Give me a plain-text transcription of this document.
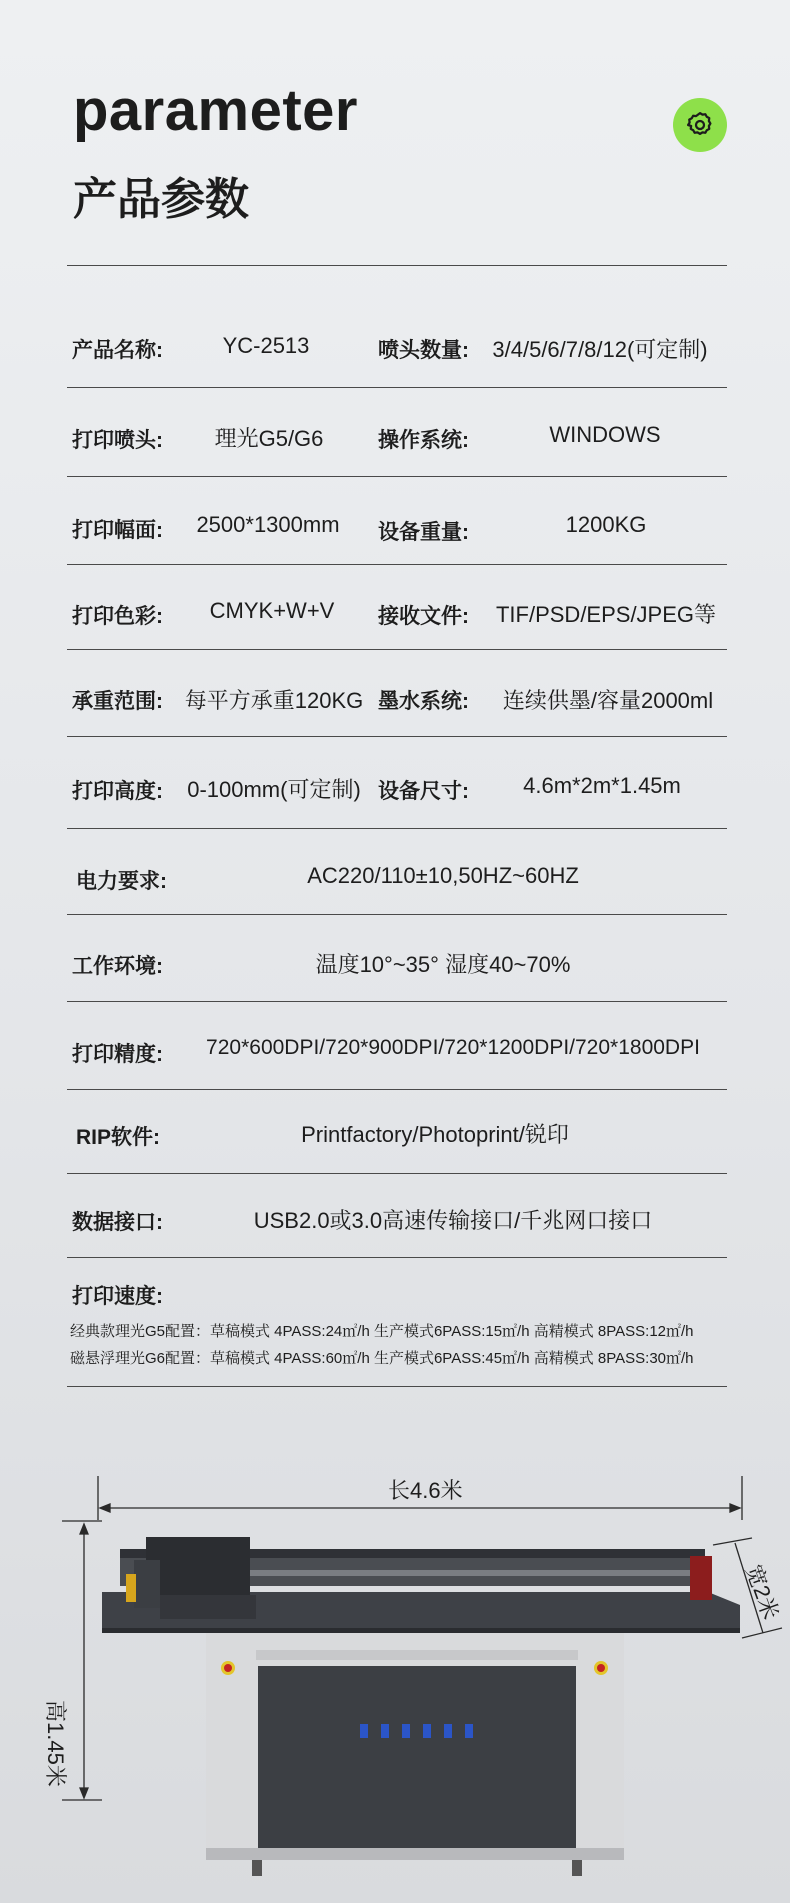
parameter
产品参数
产品名称:	YC-2513	喷头数量: 3/4/5/6/7/8/12(可定制)
打印喷头: 理光G5/G6	操作系统:	WINDOWS
打印幅面: 2500*1300mm 设备重量:	1200KG
打印色彩: CMYK+W+V 接收文件: TIF/PSD/EPS/JPEG等
承重范围: 每平方承重120KG 墨水系统: 连续供墨/容量2000ml
打印高度: 0-100mm(可定制) 设备尺寸: 4.6m*2m*1.45m
电力要求:	AC220/110±10,50HZ~60HZ
工作环境:	温度10°~35° 湿度40~70%
打印精度: 720*600DPI/720*900DPI/720*1200DPI/720*1800DPI
RIP软件:	Printfactory/Photoprint/锐印
数据接口:	USB2.0或3.0高速传输接口/千兆网口接口
打印速度:
经典款理光G5配置：草稿模式 4PASS:24㎡/h 生产模式6PASS:15㎡/h 高精模式 8PASS:12㎡/h
磁悬浮理光G6配置：草稿模式 4PASS:60㎡/h 生产模式6PASS:45㎡/h 高精模式 8PASS:30㎡/h
长4.6米
高1.45米
宽2米
